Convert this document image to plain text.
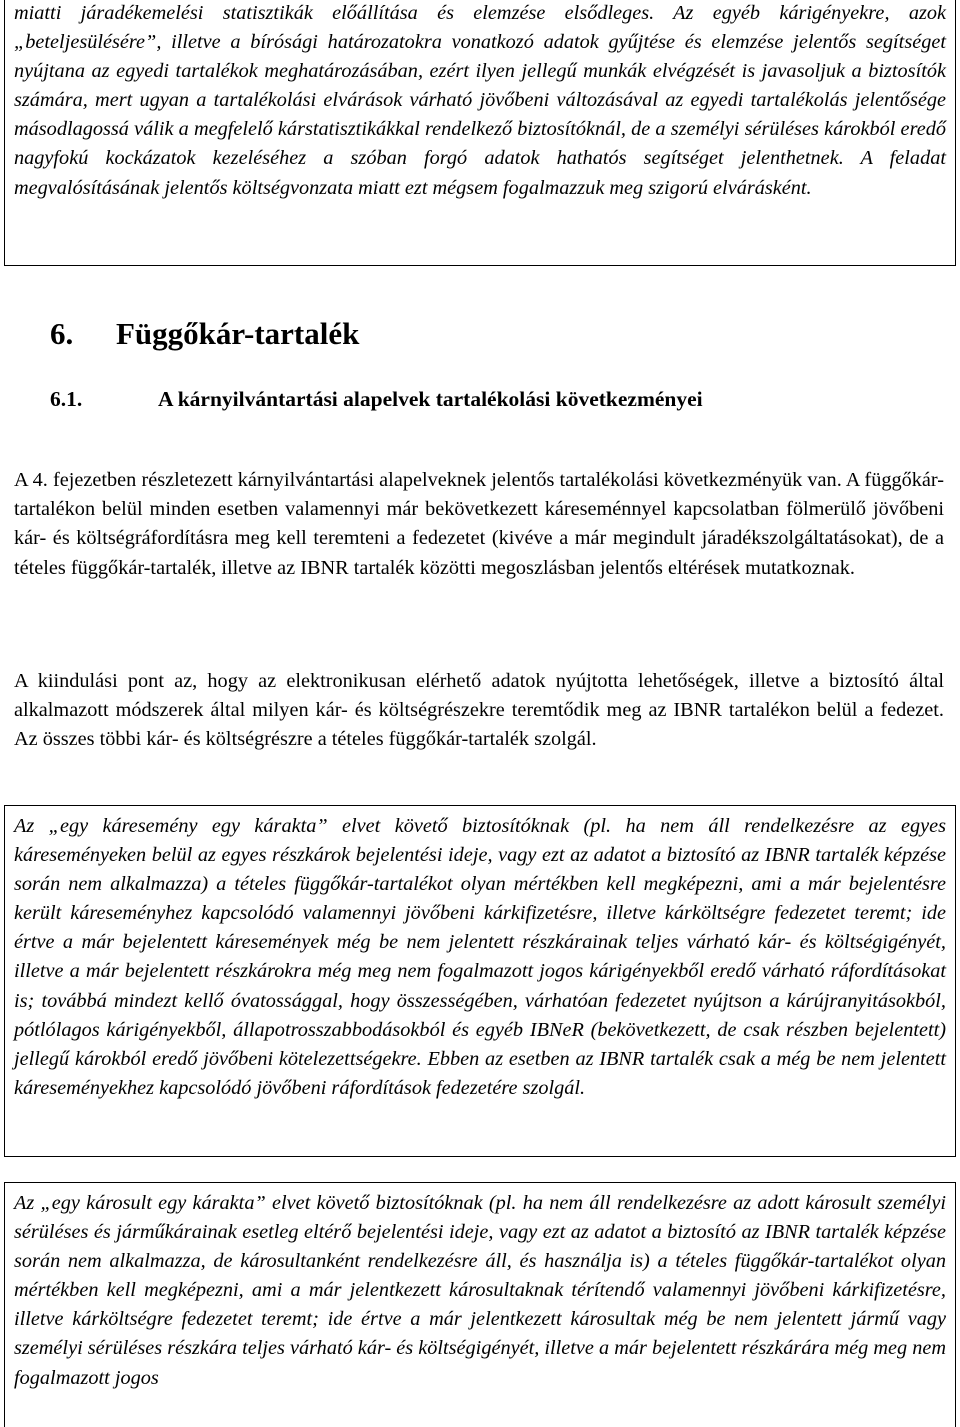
miatti járadékemelési statisztikák előállítása és elemzése elsődleges. Az egyéb kárigényekre, azok „beteljesülésére”, illetve a bírósági határozatokra vonatkozó adatok gyűjtése és elemzése jelentős segítséget nyújtana az egyedi tartalékok meghatározásában, ezért ilyen jellegű munkák elvégzését is javasoljuk a biztosítók számára, mert ugyan a tartalékolási elvárások várható jövőbeni változásával az egyedi tartalékolás jelentősége másodlagossá válik a megfelelő kárstatisztikákkal rendelkező biztosítóknál, de a személyi sérüléses károkból eredő nagyfokú kockázatok kezeléséhez a szóban forgó adatok hathatós segítséget jelenthetnek. A feladat megvalósításának jelentős költségvonzata miatt ezt mégsem fogalmazzuk meg szigorú elvárásként.
6. Függőkár-tartalék
6.1.	A kárnyilvántartási alapelvek tartalékolási következményei

A 4. fejezetben részletezett kárnyilvántartási alapelveknek jelentős tartalékolási következményük van. A függőkár-tartalékon belül minden esetben valamennyi már bekövetkezett káreseménnyel kapcsolatban fölmerülő jövőbeni kár- és költségráfordításra meg kell teremteni a fedezetet (kivéve a már megindult járadékszolgáltatásokat), de a tételes függőkár-tartalék, illetve az IBNR tartalék közötti megoszlásban jelentős eltérések mutatkoznak.

A kiindulási pont az, hogy az elektronikusan elérhető adatok nyújtotta lehetőségek, illetve a biztosító által alkalmazott módszerek által milyen kár- és költségrészekre teremtődik meg az IBNR tartalékon belül a fedezet. Az összes többi kár- és költségrészre a tételes függőkár-tartalék szolgál.

Az „egy káresemény egy kárakta” elvet követő biztosítóknak (pl. ha nem áll rendelkezésre az egyes káreseményeken belül az egyes részkárok bejelentési ideje, vagy ezt az adatot a biztosító az IBNR tartalék képzése során nem alkalmazza) a tételes függőkár-tartalékot olyan mértékben kell megképezni, ami a már bejelentésre került káreseményhez kapcsolódó valamennyi jövőbeni kárkifizetésre, illetve kárköltségre fedezetet teremt; ide értve a már bejelentett káresemények még be nem jelentett részkárainak teljes várható kár- és költségigényét, illetve a már bejelentett részkárokra még meg nem fogalmazott jogos kárigényekből eredő várható ráfordításokat is; továbbá mindezt kellő óvatossággal, hogy összességében, várhatóan fedezetet nyújtson a kárújranyitásokból, pótlólagos kárigényekből, állapotrosszabbodásokból és egyéb IBNeR (bekövetkezett, de csak részben bejelentett) jellegű károkból eredő jövőbeni kötelezettségekre. Ebben az esetben az IBNR tartalék csak a még be nem jelentett káreseményekhez kapcsolódó jövőbeni ráfordítások fedezetére szolgál.
Az „egy károsult egy kárakta” elvet követő biztosítóknak (pl. ha nem áll rendelkezésre az adott károsult személyi sérüléses és járműkárainak esetleg eltérő bejelentési ideje, vagy ezt az adatot a biztosító az IBNR tartalék képzése során nem alkalmazza, de károsultanként rendelkezésre áll, és használja is) a tételes függőkár-tartalékot olyan mértékben kell megképezni, ami a már jelentkezett károsultaknak térítendő valamennyi jövőbeni kárkifizetésre, illetve kárköltségre fedezetet teremt; ide értve a már jelentkezett károsultak még be nem jelentett jármű vagy személyi sérüléses részkára teljes várható kár- és költségigényét, illetve a már bejelentett részkárára még meg nem fogalmazott jogos
